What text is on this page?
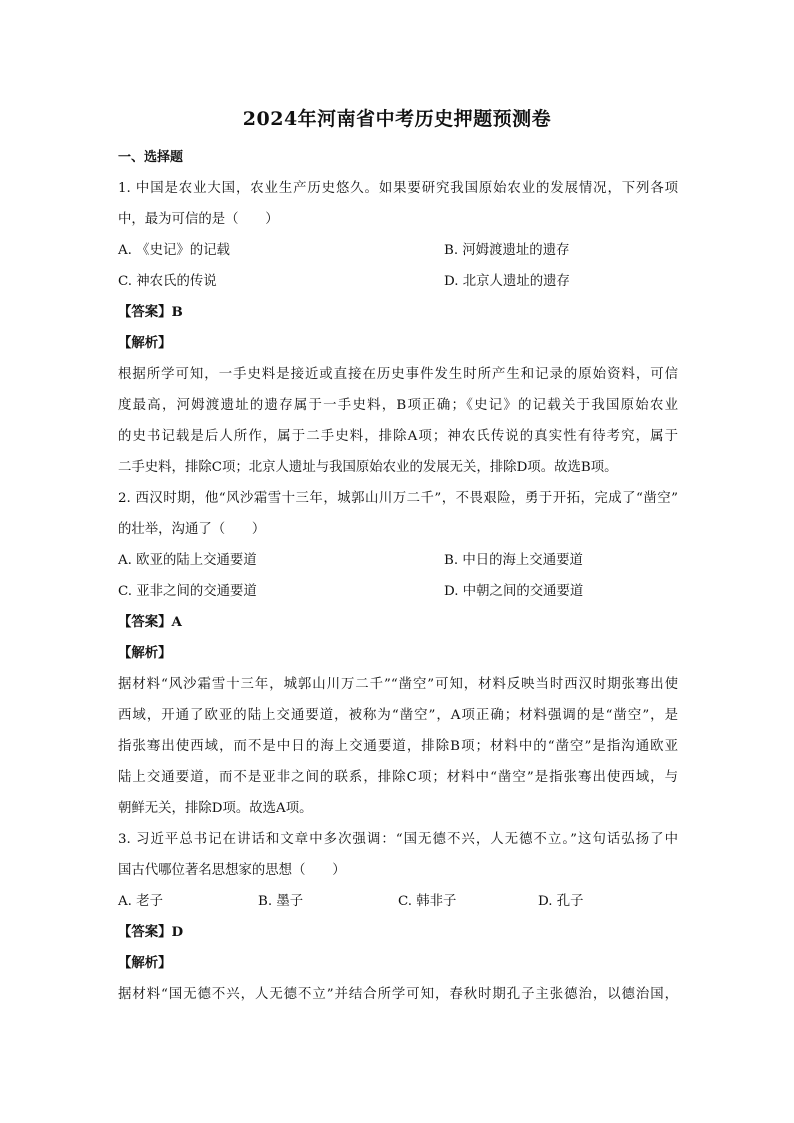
2024年河南省中考历史押题预测卷
一、选择题
1. 中国是农业大国，农业生产历史悠久。如果要研究我国原始农业的发展情况，下列各项
中，最为可信的是（　　）
A. 《史记》的记载	B. 河姆渡遗址的遗存
C. 神农氏的传说	D. 北京人遗址的遗存
【答案】B
【解析】
根据所学可知，一手史料是接近或直接在历史事件发生时所产生和记录的原始资料，可信
度最高，河姆渡遗址的遗存属于一手史料，B项正确；《史记》的记载关于我国原始农业
的史书记载是后人所作，属于二手史料，排除A项；神农氏传说的真实性有待考究，属于
二手史料，排除C项；北京人遗址与我国原始农业的发展无关，排除D项。故选B项。
2. 西汉时期，他“风沙霜雪十三年，城郭山川万二千”，不畏艰险，勇于开拓，完成了“凿空”
的壮举，沟通了（　　）
A. 欧亚的陆上交通要道	B. 中日的海上交通要道
C. 亚非之间的交通要道	D. 中朝之间的交通要道
【答案】A
【解析】
据材料“风沙霜雪十三年，城郭山川万二千”“凿空”可知，材料反映当时西汉时期张骞出使
西域，开通了欧亚的陆上交通要道，被称为“凿空”，A项正确；材料强调的是“凿空”，是
指张骞出使西域，而不是中日的海上交通要道，排除B项；材料中的“凿空”是指沟通欧亚
陆上交通要道，而不是亚非之间的联系，排除C项；材料中“凿空”是指张骞出使西域，与
朝鲜无关，排除D项。故选A项。
3. 习近平总书记在讲话和文章中多次强调：“国无德不兴，人无德不立。”这句话弘扬了中
国古代哪位著名思想家的思想（　　）
A. 老子	B. 墨子	C. 韩非子	D. 孔子
【答案】D
【解析】
据材料“国无德不兴，人无德不立”并结合所学可知，春秋时期孔子主张德治，以德治国，
